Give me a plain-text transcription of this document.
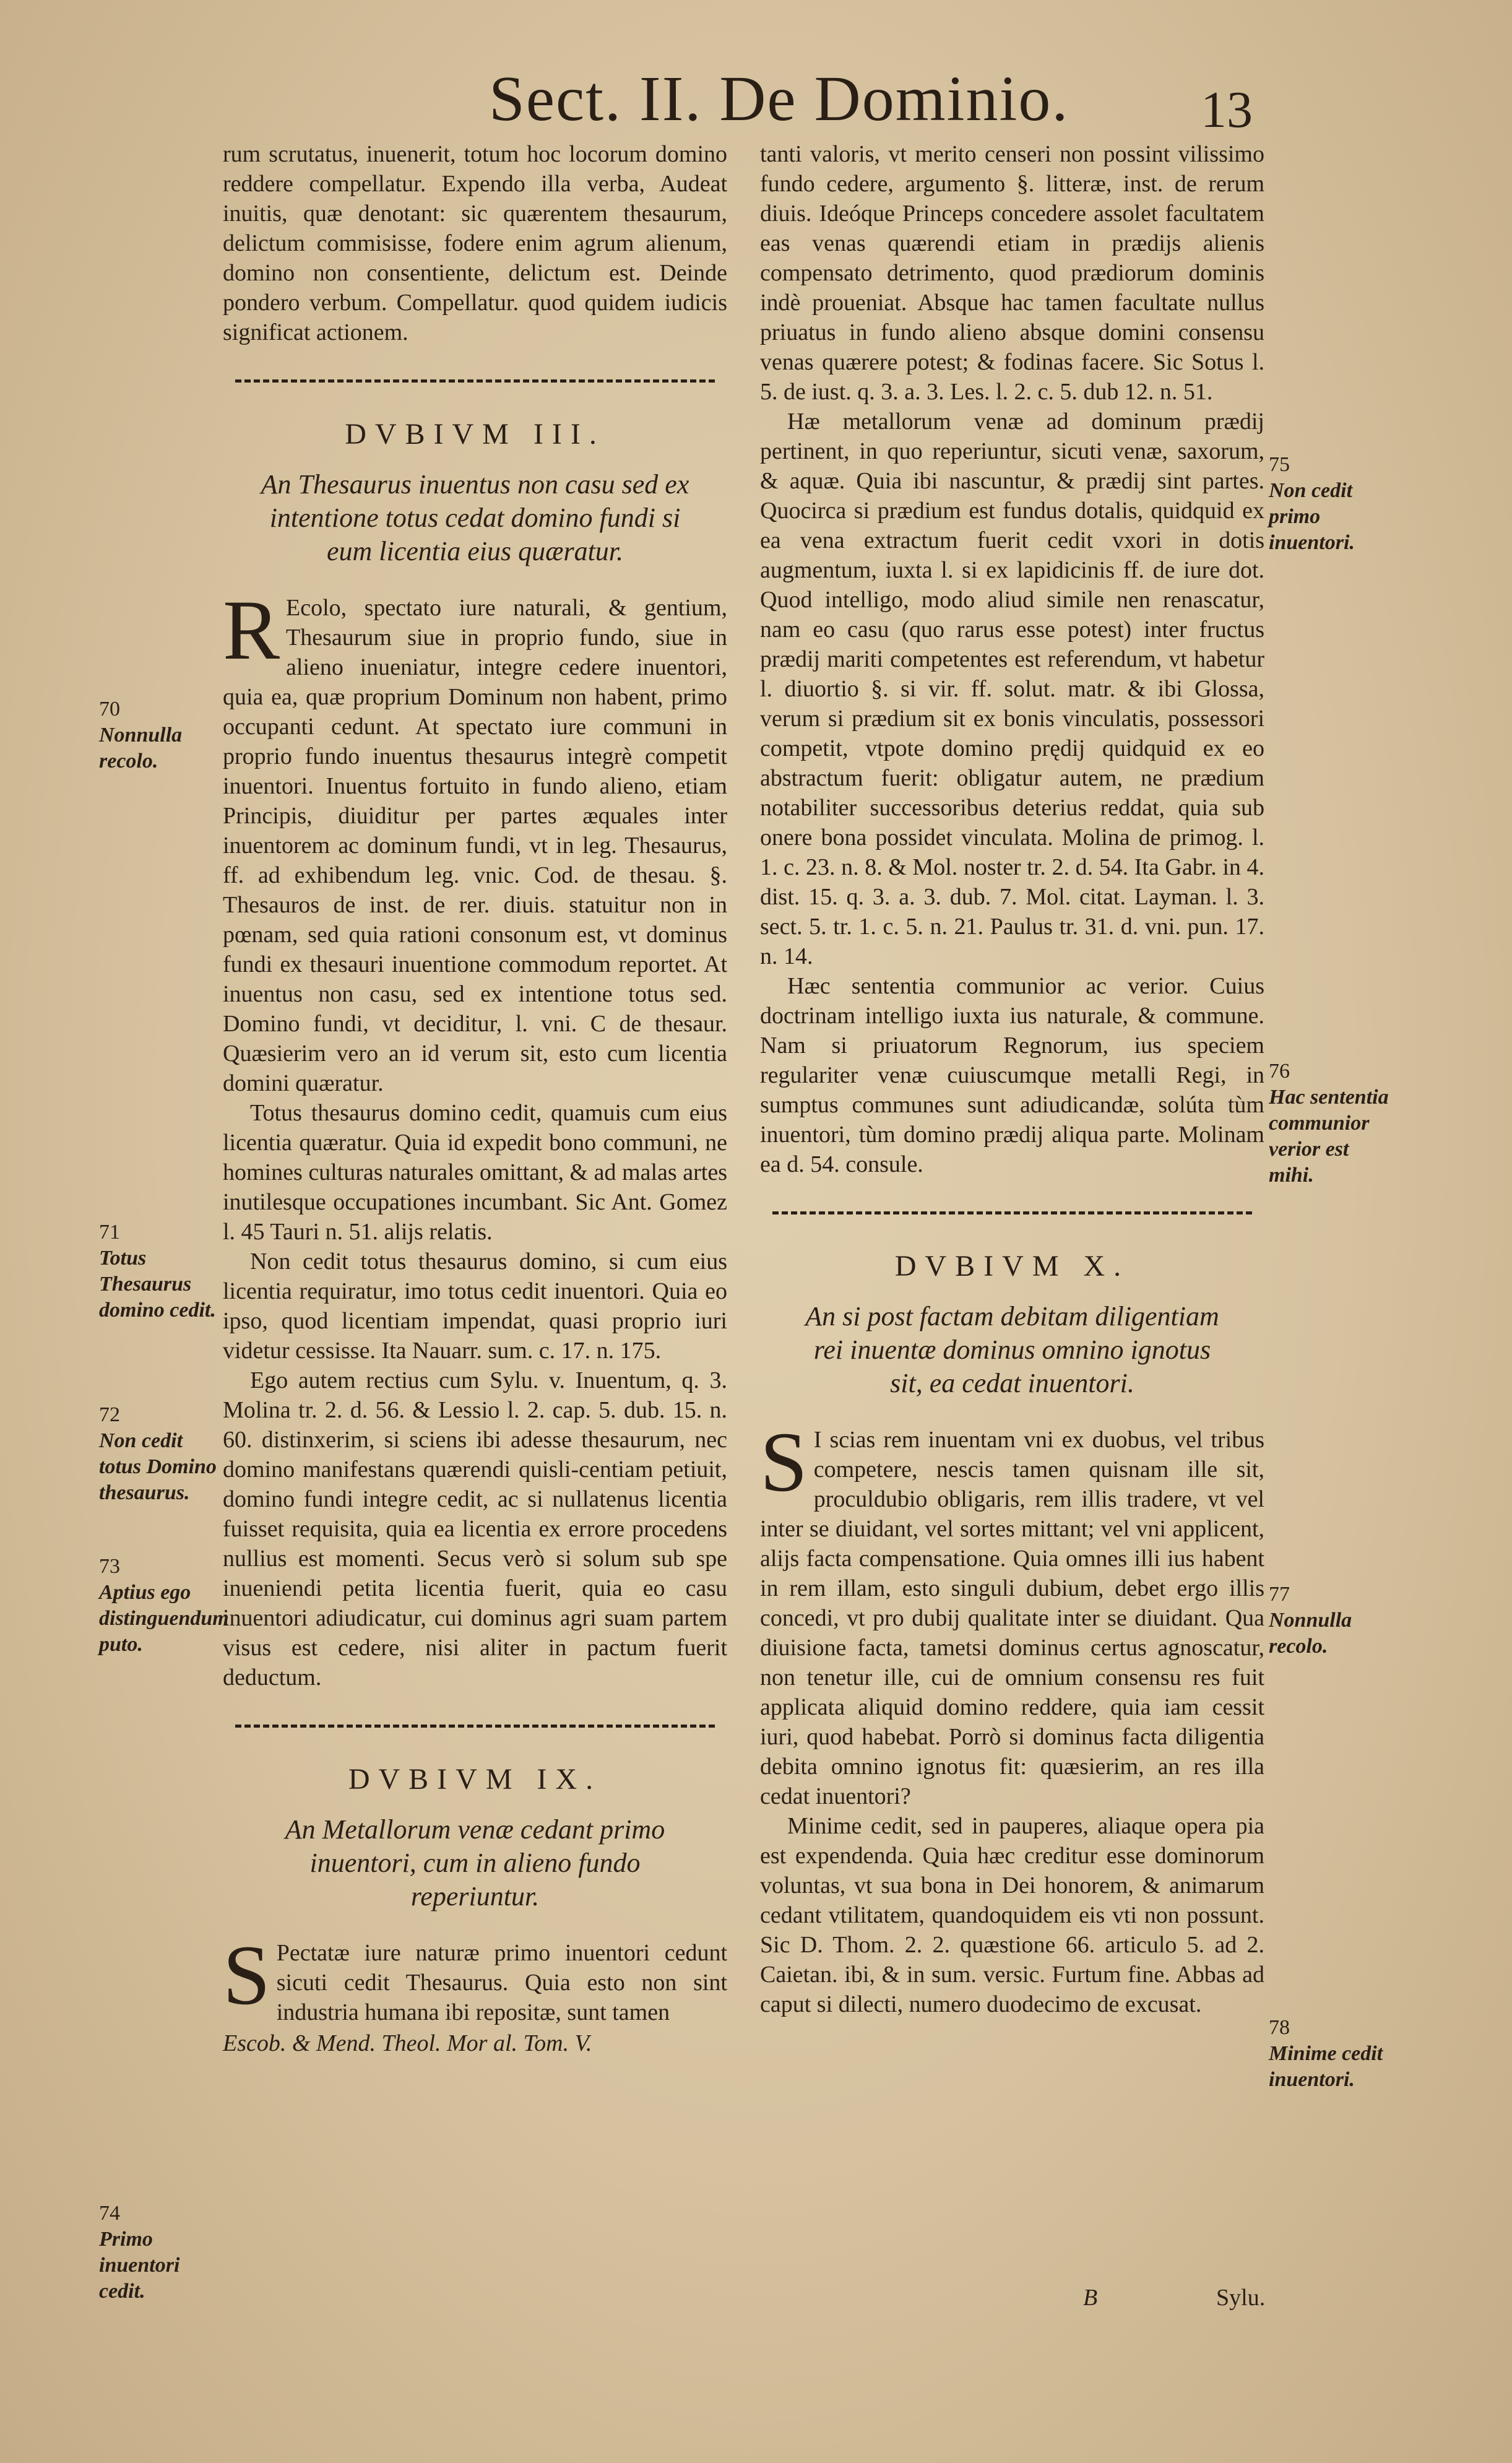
Sect. II. De Dominio.	13

rum scrutatus, inuenerit, totum hoc locorum domino reddere compellatur. Expendo illa verba, Audeat inuitis, quæ denotant: sic quærentem thesaurum, delictum commisisse, fodere enim agrum alienum, domino non consentiente, delictum est. Deinde pondero verbum. Compellatur. quod quidem iudicis significat actionem.

DVBIVM III.
An Thesaurus inuentus non casu sed ex intentione totus cedat domino fundi si eum licentia eius quæratur.

R Ecolo, spectato iure naturali, & gentium, Thesaurum siue in proprio fundo, siue in alieno inueniatur, integre cedere inuentori, quia ea, quæ proprium Dominum non habent, primo occupanti cedunt. At spectato iure communi in proprio fundo inuentus thesaurus integrè competit inuentori. Inuentus fortuito in fundo alieno, etiam Principis, diuiditur per partes æquales inter inuentorem ac dominum fundi, vt in leg. Thesaurus, ff. ad exhibendum leg. vnic. Cod. de thesau. §. Thesauros de inst. de rer. diuis. statuitur non in pœnam, sed quia rationi consonum est, vt dominus fundi ex thesauri inuentione commodum reportet. At inuentus non casu, sed ex intentione totus sed. Domino fundi, vt deciditur, l. vni. C de thesaur. Quæsierim vero an id verum sit, esto cum licentia domini quæratur.

Totus thesaurus domino cedit, quamuis cum eius licentia quæratur. Quia id expedit bono communi, ne homines culturas naturales omittant, & ad malas artes inutilesque occupationes incumbant. Sic Ant. Gomez l. 45 Tauri n. 51. alijs relatis.

Non cedit totus thesaurus domino, si cum eius licentia requiratur, imo totus cedit inuentori. Quia eo ipso, quod licentiam impendat, quasi proprio iuri videtur cessisse. Ita Nauarr. sum. c. 17. n. 175.

Ego autem rectius cum Sylu. v. Inuentum, q. 3. Molina tr. 2. d. 56. & Lessio l. 2. cap. 5. dub. 15. n. 60. distinxerim, si sciens ibi adesse thesaurum, nec domino manifestans quærendi quisli-centiam petiuit, domino fundi integre cedit, ac si nullatenus licentia fuisset requisita, quia ea licentia ex errore procedens nullius est momenti. Secus verò si solum sub spe inueniendi petita licentia fuerit, quia eo casu inuentori adiudicatur, cui dominus agri suam partem visus est cedere, nisi aliter in pactum fuerit deductum.

DVBIVM IX.
An Metallorum venæ cedant primo inuentori, cum in alieno fundo reperiuntur.

S Pectatæ iure naturæ primo inuentori cedunt sicuti cedit Thesaurus. Quia esto non sint industria humana ibi repositæ, sunt tamen

Escob. & Mend. Theol. Mor al. Tom. V.

tanti valoris, vt merito censeri non possint vilissimo fundo cedere, argumento §. litteræ, inst. de rerum diuis. Ideóque Princeps concedere assolet facultatem eas venas quærendi etiam in prædijs alienis compensato detrimento, quod prædiorum dominis indè proueniat. Absque hac tamen facultate nullus priuatus in fundo alieno absque domini consensu venas quærere potest; & fodinas facere. Sic Sotus l. 5. de iust. q. 3. a. 3. Les. l. 2. c. 5. dub 12. n. 51.

Hæ metallorum venæ ad dominum prædij pertinent, in quo reperiuntur, sicuti venæ, saxorum, & aquæ. Quia ibi nascuntur, & prædij sint partes. Quocirca si prædium est fundus dotalis, quidquid ex ea vena extractum fuerit cedit vxori in dotis augmentum, iuxta l. si ex lapidicinis ff. de iure dot. Quod intelligo, modo aliud simile nen renascatur, nam eo casu (quo rarus esse potest) inter fructus prædij mariti competentes est referendum, vt habetur l. diuortio §. si vir. ff. solut. matr. & ibi Glossa, verum si prædium sit ex bonis vinculatis, possessori competit, vtpote domino prędij quidquid ex eo abstractum fuerit: obligatur autem, ne prædium notabiliter successoribus deterius reddat, quia sub onere bona possidet vinculata. Molina de primog. l. 1. c. 23. n. 8. & Mol. noster tr. 2. d. 54. Ita Gabr. in 4. dist. 15. q. 3. a. 3. dub. 7. Mol. citat. Layman. l. 3. sect. 5. tr. 1. c. 5. n. 21. Paulus tr. 31. d. vni. pun. 17. n. 14.

Hæc sententia communior ac verior. Cuius doctrinam intelligo iuxta ius naturale, & commune. Nam si priuatorum Regnorum, ius speciem regulariter venæ cuiuscumque metalli Regi, in sumptus communes sunt adiudicandæ, solúta tùm inuentori, tùm domino prædij aliqua parte. Molinam ea d. 54. consule.

DVBIVM X.
An si post factam debitam diligentiam rei inuentæ dominus omnino ignotus sit, ea cedat inuentori.

S I scias rem inuentam vni ex duobus, vel tribus competere, nescis tamen quisnam ille sit, proculdubio obligaris, rem illis tradere, vt vel inter se diuidant, vel sortes mittant; vel vni applicent, alijs facta compensatione. Quia omnes illi ius habent in rem illam, esto singuli dubium, debet ergo illis concedi, vt pro dubij qualitate inter se diuidant. Qua diuisione facta, tametsi dominus certus agnoscatur, non tenetur ille, cui de omnium consensu res fuit applicata aliquid domino reddere, quia iam cessit iuri, quod habebat. Porrò si dominus facta diligentia debita omnino ignotus fit: quæsierim, an res illa cedat inuentori?

Minime cedit, sed in pauperes, aliaque opera pia est expendenda. Quia hæc creditur esse dominorum voluntas, vt sua bona in Dei honorem, & animarum cedant vtilitatem, quandoquidem eis vti non possunt. Sic D. Thom. 2. 2. quæstione 66. articulo 5. ad 2. Caietan. ibi, & in sum. versic. Furtum fine. Abbas ad caput si dilecti, numero duodecimo de excusat.

70
Nonnulla recolo.
71
Totus Thesaurus domino cedit.
72
Non cedit totus Domino thesaurus.
73
Aptius ego distinguendum puto.
74
Primo inuentori cedit.
75
Non cedit primo inuentori.
76
Hac sententia communior verior est mihi.
77
Nonnulla recolo.
78
Minime cedit inuentori.
B	Sylu.
